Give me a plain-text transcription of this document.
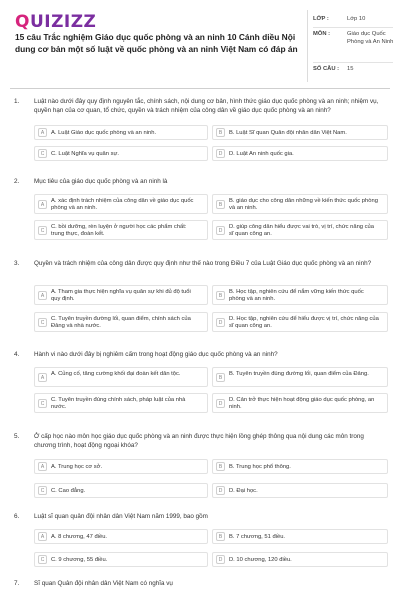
QUIZIZZ
15 câu Trắc nghiệm Giáo dục quốc phòng và an ninh 10 Cánh diều Nội dung cơ bản một số luật về quốc phòng và an ninh Việt Nam có đáp án
LỚP :	Lớp 10
MÔN :	Giáo dục Quốc Phòng và An Ninh
SỐ CÂU :	15
1. Luật nào dưới đây quy định nguyên tắc, chính sách, nội dung cơ bản, hình thức giáo dục quốc phòng và an ninh; nhiệm vụ, quyền hạn của cơ quan, tổ chức, quyền và trách nhiệm của công dân về giáo dục quốc phòng và an ninh?
A	A. Luật Giáo dục quốc phòng và an ninh.	B	B. Luật Sĩ quan Quân đội nhân dân Việt Nam.
C	C. Luật Nghĩa vụ quân sự.	D	D. Luật An ninh quốc gia.
2. Mục tiêu của giáo dục quốc phòng và an ninh là
A
A. xác định trách nhiệm của công dân về giáo dục quốc phòng và an ninh.
B
B. giáo dục cho công dân những về kiến thức quốc phòng và an ninh.
C
C. bồi dưỡng, rèn luyện ở người học các phẩm chất: trung thực, đoàn kết.
D
D. giúp công dân hiểu được vai trò, vị trí, chức năng của sĩ quan công an.
3. Quyền và trách nhiệm của công dân được quy định như thế nào trong Điều 7 của Luật Giáo dục quốc phòng và an ninh?
A
A. Tham gia thực hiện nghĩa vụ quân sự khi đủ độ tuổi quy định.
B
B. Học tập, nghiên cứu để nắm vững kiến thức quốc phòng và an ninh.
C
C. Tuyên truyền đường lối, quan điểm, chính sách của Đảng và nhà nước.
D
D. Học tập, nghiên cứu để hiểu được vị trí, chức năng của sĩ quan công an.
4. Hành vi nào dưới đây bị nghiêm cấm trong hoạt động giáo dục quốc phòng và an ninh?
A
A. Củng cố, tăng cường khối đại đoàn kết dân tộc.
B
B. Tuyên truyền đúng đường lối, quan điểm của Đảng.
C
C. Tuyên truyền đúng chính sách, pháp luật của nhà nước.
D
D. Cản trở thực hiện hoạt động giáo dục quốc phòng, an ninh.
5. Ở cấp học nào môn học giáo dục quốc phòng và an ninh được thực hiện lồng ghép thông qua nội dung các môn trong chương trình, hoạt động ngoại khóa?
A	A. Trung học cơ sở.	B	B. Trung học phổ thông.
C	C. Cao đẳng.	D	D. Đại học.
6. Luật sĩ quan quân đội nhân dân Việt Nam năm 1999, bao gồm
A	A. 8 chương, 47 điều.	B	B. 7 chương, 51 điều.
C	C. 9 chương, 55 điều.	D	D. 10 chương, 120 điều.
7. Sĩ quan Quân đội nhân dân Việt Nam có nghĩa vụ
